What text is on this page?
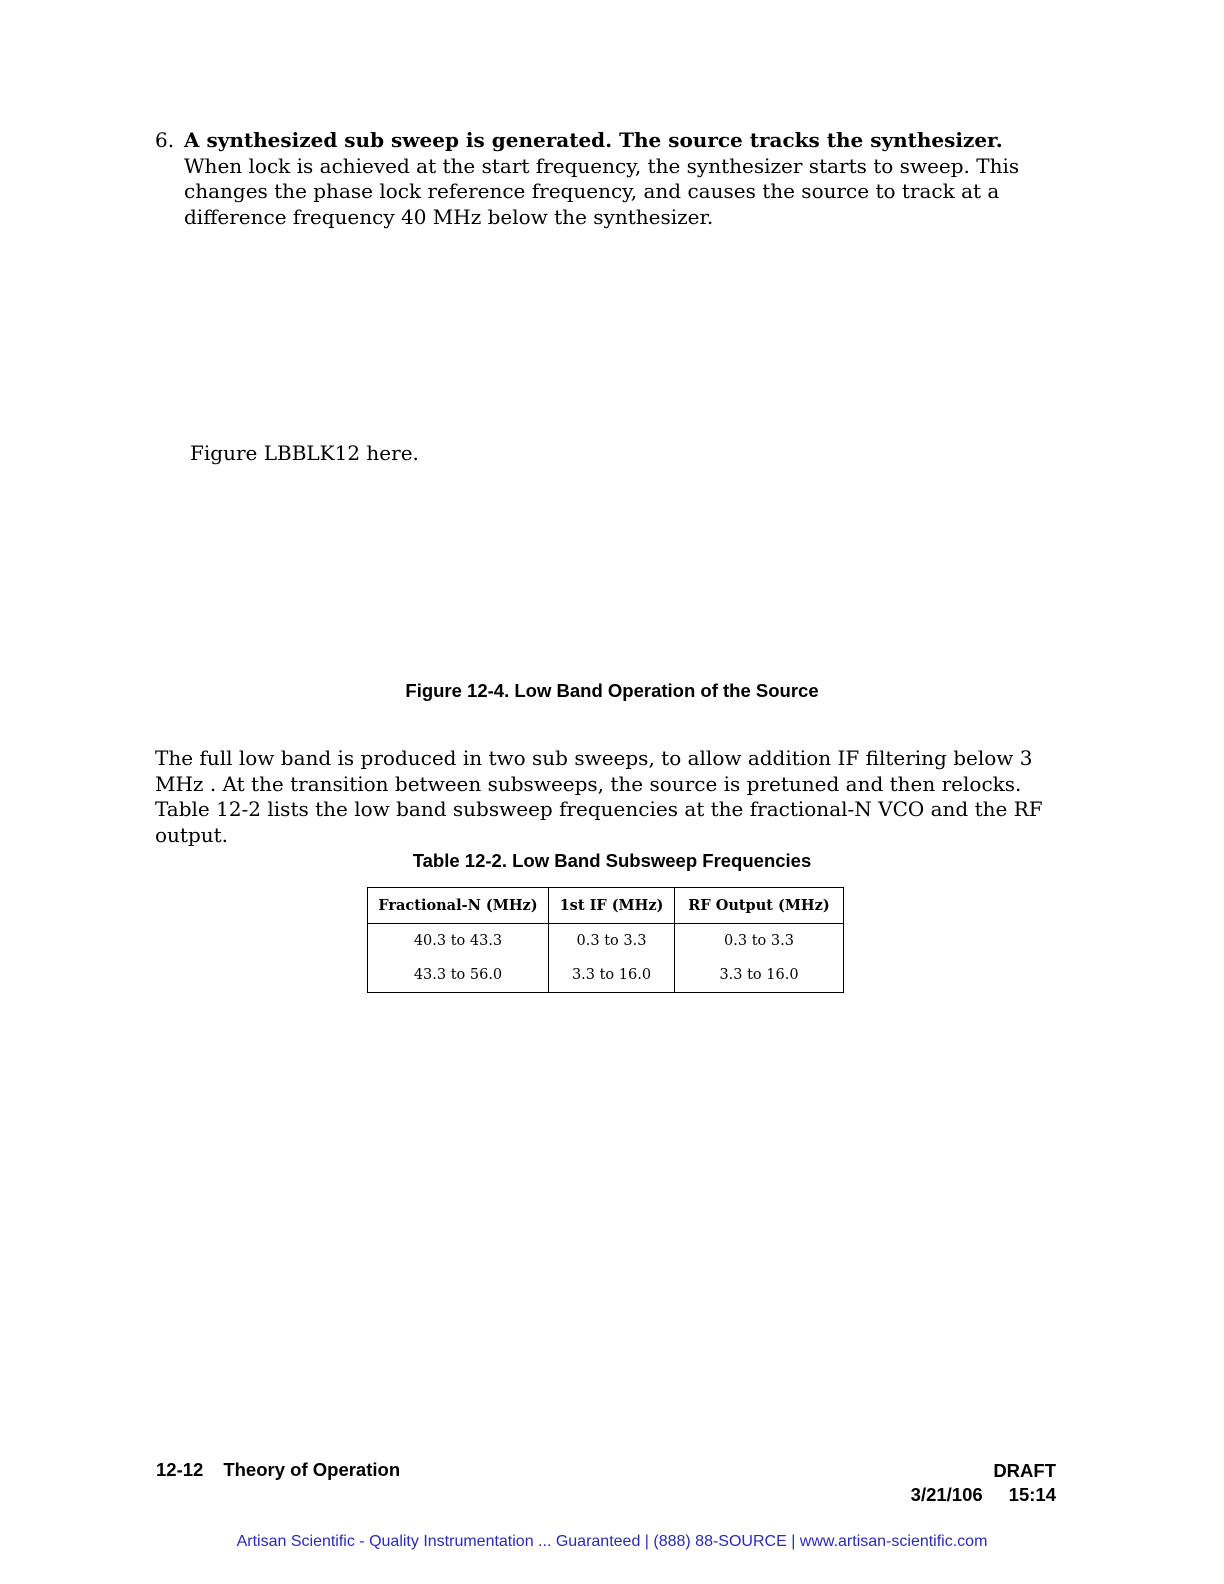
6. A synthesized sub sweep is generated. The source tracks the synthesizer. When lock is achieved at the start frequency, the synthesizer starts to sweep. This changes the phase lock reference frequency, and causes the source to track at a difference frequency 40 MHz below the synthesizer.
Figure LBBLK12 here.
Figure 12-4. Low Band Operation of the Source
The full low band is produced in two sub sweeps, to allow addition IF filtering below 3 MHz . At the transition between subsweeps, the source is pretuned and then relocks. Table 12-2 lists the low band subsweep frequencies at the fractional-N VCO and the RF output.
Table 12-2. Low Band Subsweep Frequencies
Fractional-N (MHz)	1st IF (MHz)	RF Output (MHz)
40.3 to 43.3	0.3 to 3.3	0.3 to 3.3
43.3 to 56.0	3.3 to 16.0	3.3 to 16.0
12-12 Theory of Operation	DRAFT
3/21/106 15:14
Artisan Scientific - Quality Instrumentation ... Guaranteed | (888) 88-SOURCE | www.artisan-scientific.com
